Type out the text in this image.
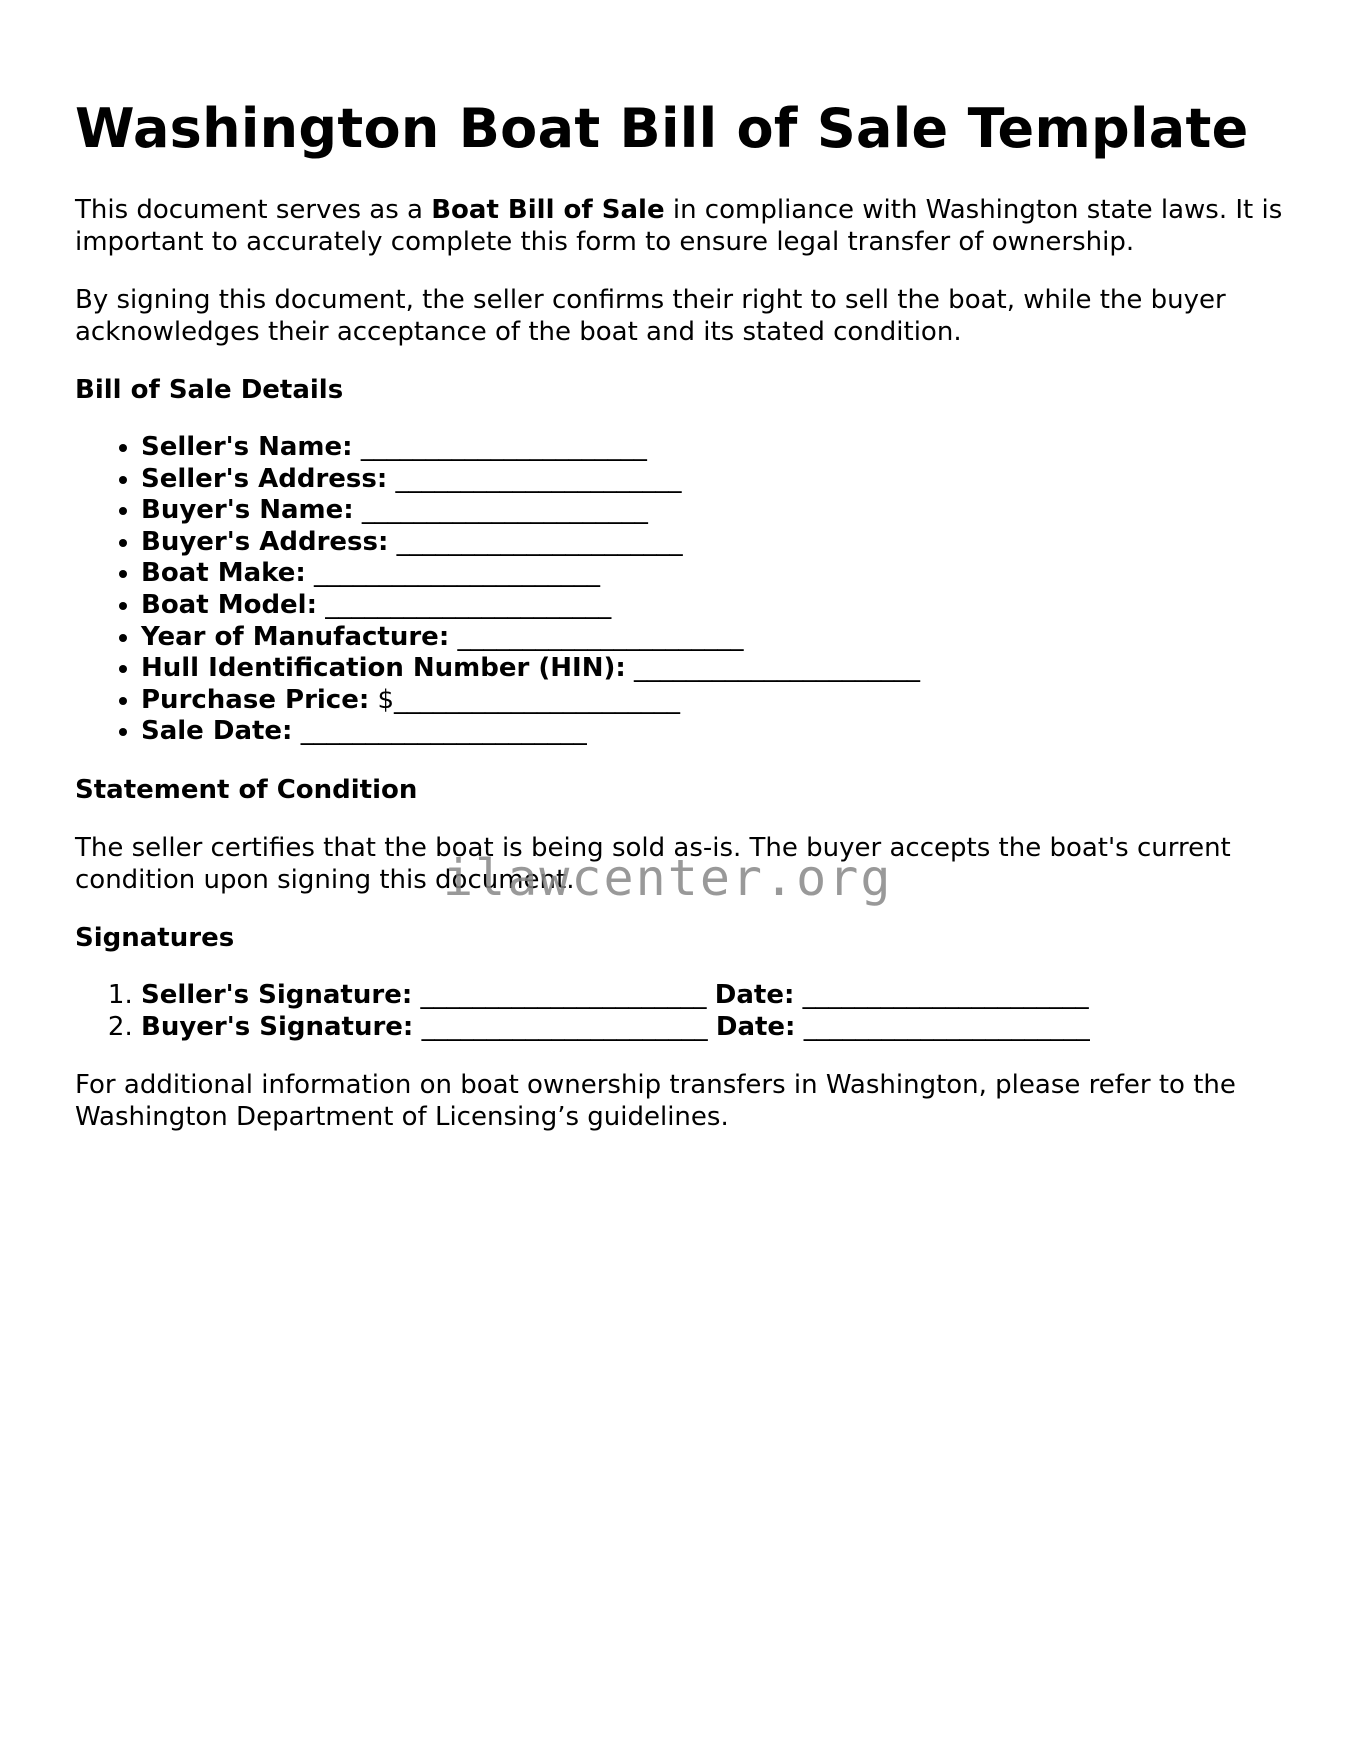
Washington Boat Bill of Sale Template

This document serves as a Boat Bill of Sale in compliance with Washington state laws. It is important to accurately complete this form to ensure legal transfer of ownership.

By signing this document, the seller confirms their right to sell the boat, while the buyer acknowledges their acceptance of the boat and its stated condition.

Bill of Sale Details
• Seller's Name: ______________________
• Seller's Address: ______________________
• Buyer's Name: ______________________
• Buyer's Address: ______________________
• Boat Make: ______________________
• Boat Model: ______________________
• Year of Manufacture: ______________________
• Hull Identification Number (HIN): ______________________
• Purchase Price: $______________________
• Sale Date: ______________________
Statement of Condition

The seller certifies that the boat is being sold as-is. The buyer accepts the boat's current condition upon signing this document.

Signatures
1. Seller's Signature: ______________________ Date: ______________________
2. Buyer's Signature: ______________________ Date: ______________________

For additional information on boat ownership transfers in Washington, please refer to the Washington Department of Licensing’s guidelines.

ilawcenter.org
